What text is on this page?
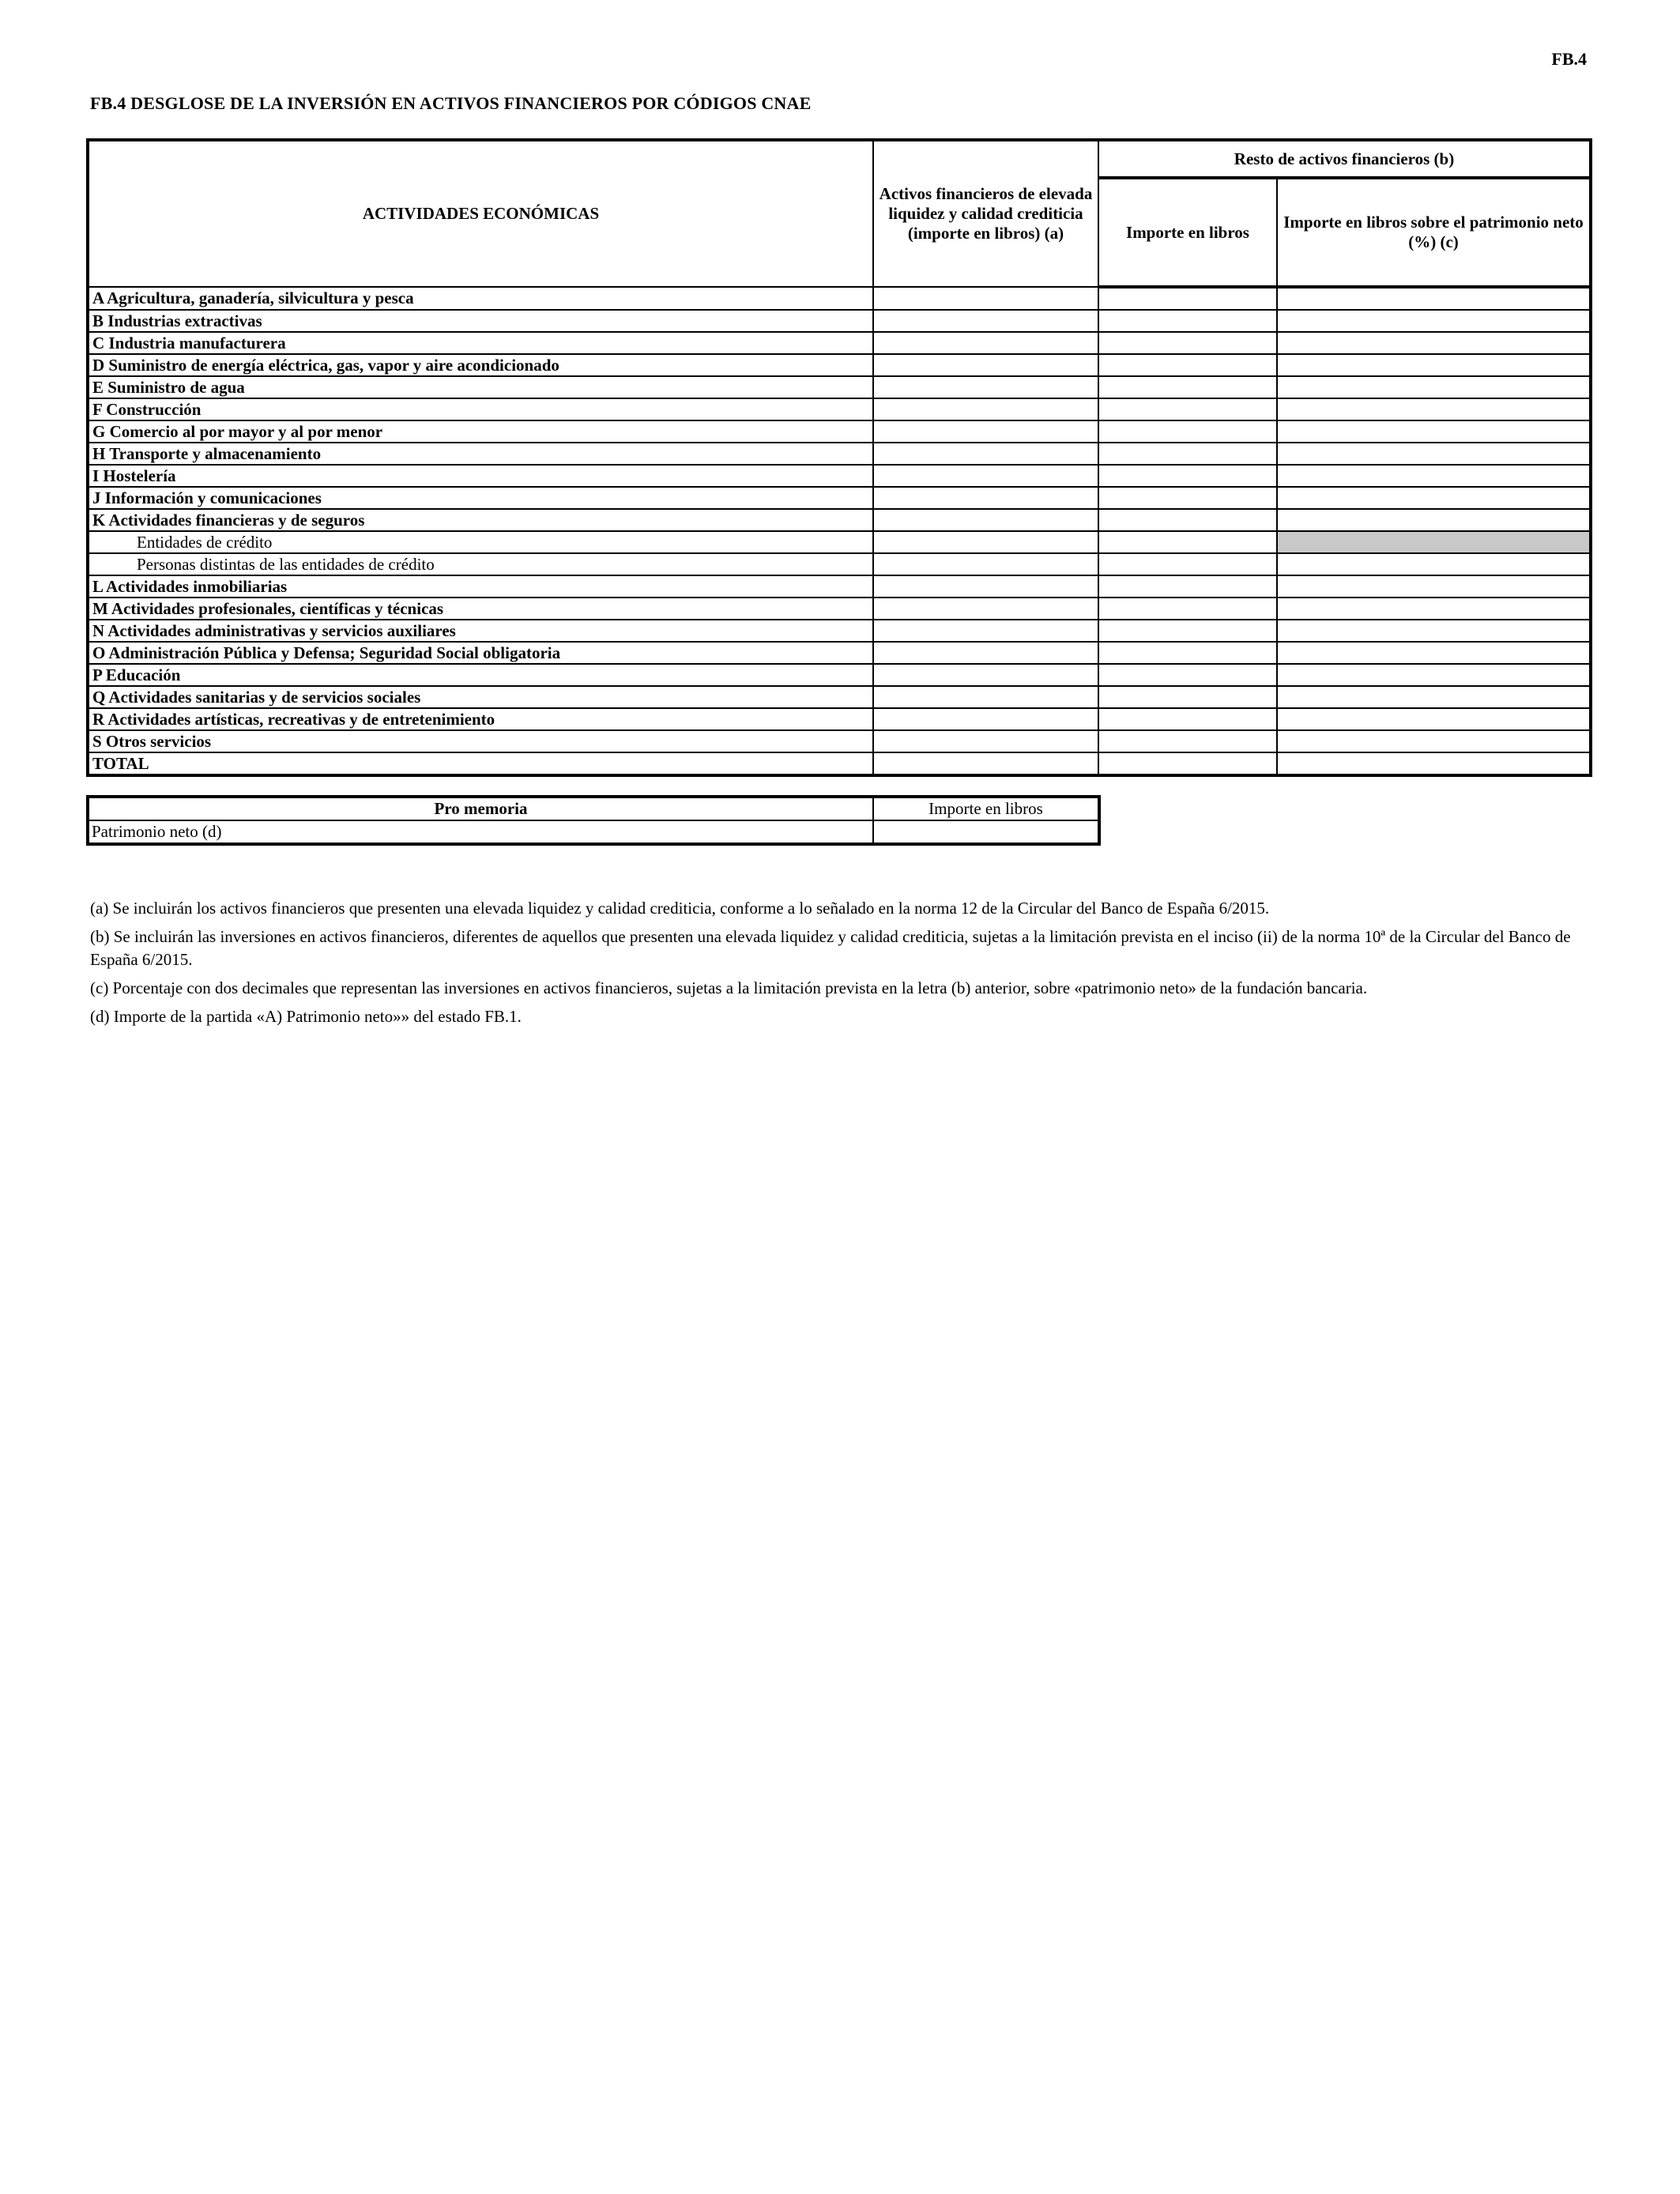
FB.4
FB.4 DESGLOSE DE LA INVERSIÓN EN ACTIVOS FINANCIEROS POR CÓDIGOS CNAE
ACTIVIDADES ECONÓMICAS	Activos financieros de elevada liquidez y calidad crediticia (importe en libros) (a)	Resto de activos financieros (b)	
		Importe en libros	Importe en libros sobre el patrimonio neto (%) (c)
A Agricultura, ganadería, silvicultura y pesca			
B Industrias extractivas			
C Industria manufacturera			
D Suministro de energía eléctrica, gas, vapor y aire acondicionado			
E Suministro de agua			
F Construcción			
G Comercio al por mayor y al por menor			
H Transporte y almacenamiento			
I Hostelería			
J Información y comunicaciones			
K Actividades financieras y de seguros			
Entidades de crédito			
Personas distintas de las entidades de crédito			
L Actividades inmobiliarias			
M Actividades profesionales, científicas y técnicas			
N Actividades administrativas y servicios auxiliares			
O Administración Pública y Defensa; Seguridad Social obligatoria			
P Educación			
Q Actividades sanitarias y de servicios sociales			
R Actividades artísticas, recreativas y de entretenimiento			
S Otros servicios			
TOTAL			
Pro memoria	Importe en libros
Patrimonio neto (d)	

(a) Se incluirán los activos financieros que presenten una elevada liquidez y calidad crediticia, conforme a lo señalado en la norma 12 de la Circular del Banco de España 6/2015.

(b) Se incluirán las inversiones en activos financieros, diferentes de aquellos que presenten una elevada liquidez y calidad crediticia, sujetas a la limitación prevista en el inciso (ii) de la norma 10ª de la Circular del Banco de España 6/2015.

(c) Porcentaje con dos decimales que representan las inversiones en activos financieros, sujetas a la limitación prevista en la letra (b) anterior, sobre «patrimonio neto» de la fundación bancaria.

(d) Importe de la partida «A) Patrimonio neto»» del estado FB.1.
